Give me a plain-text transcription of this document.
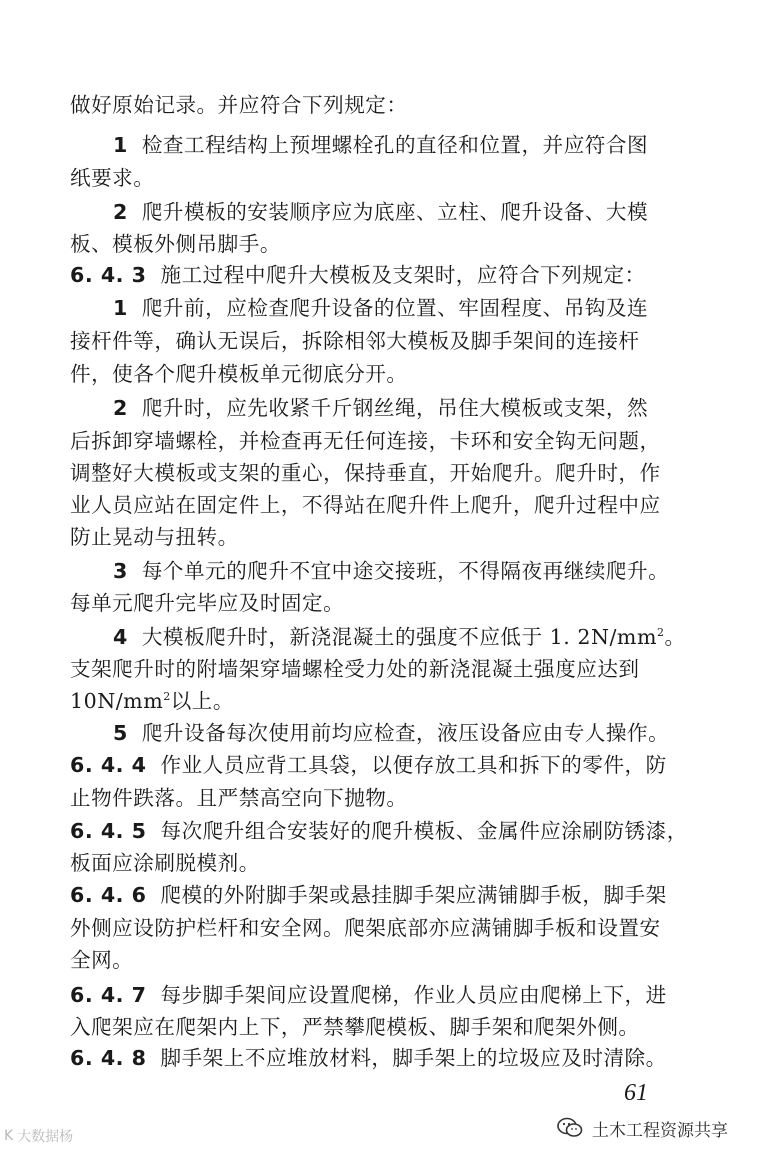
做好原始记录。并应符合下列规定：
1 检查工程结构上预埋螺栓孔的直径和位置，并应符合图
纸要求。
2 爬升模板的安装顺序应为底座、立柱、爬升设备、大模
板、模板外侧吊脚手。
6. 4. 3 施工过程中爬升大模板及支架时，应符合下列规定：
1 爬升前，应检查爬升设备的位置、牢固程度、吊钩及连
接杆件等，确认无误后，拆除相邻大模板及脚手架间的连接杆
件，使各个爬升模板单元彻底分开。
2 爬升时，应先收紧千斤钢丝绳，吊住大模板或支架，然
后拆卸穿墙螺栓，并检查再无任何连接，卡环和安全钩无问题，
调整好大模板或支架的重心，保持垂直，开始爬升。爬升时，作
业人员应站在固定件上，不得站在爬升件上爬升，爬升过程中应
防止晃动与扭转。
3 每个单元的爬升不宜中途交接班，不得隔夜再继续爬升。
每单元爬升完毕应及时固定。
4 大模板爬升时，新浇混凝土的强度不应低于 1. $2N/mm^2$。
支架爬升时的附墙架穿墙螺栓受力处的新浇混凝土强度应达到
$10N/mm^2$以上。
5 爬升设备每次使用前均应检查，液压设备应由专人操作。
6. 4. 4 作业人员应背工具袋，以便存放工具和拆下的零件，防
止物件跌落。且严禁高空向下抛物。
6. 4. 5 每次爬升组合安装好的爬升模板、金属件应涂刷防锈漆，
板面应涂刷脱模剂。
6. 4. 6 爬模的外附脚手架或悬挂脚手架应满铺脚手板，脚手架
外侧应设防护栏杆和安全网。爬架底部亦应满铺脚手板和设置安
全网。
6. 4. 7 每步脚手架间应设置爬梯，作业人员应由爬梯上下，进
入爬架应在爬架内上下，严禁攀爬模板、脚手架和爬架外侧。
6. 4. 8 脚手架上不应堆放材料，脚手架上的垃圾应及时清除。
61
土木工程资源共享
K 大数据杨
